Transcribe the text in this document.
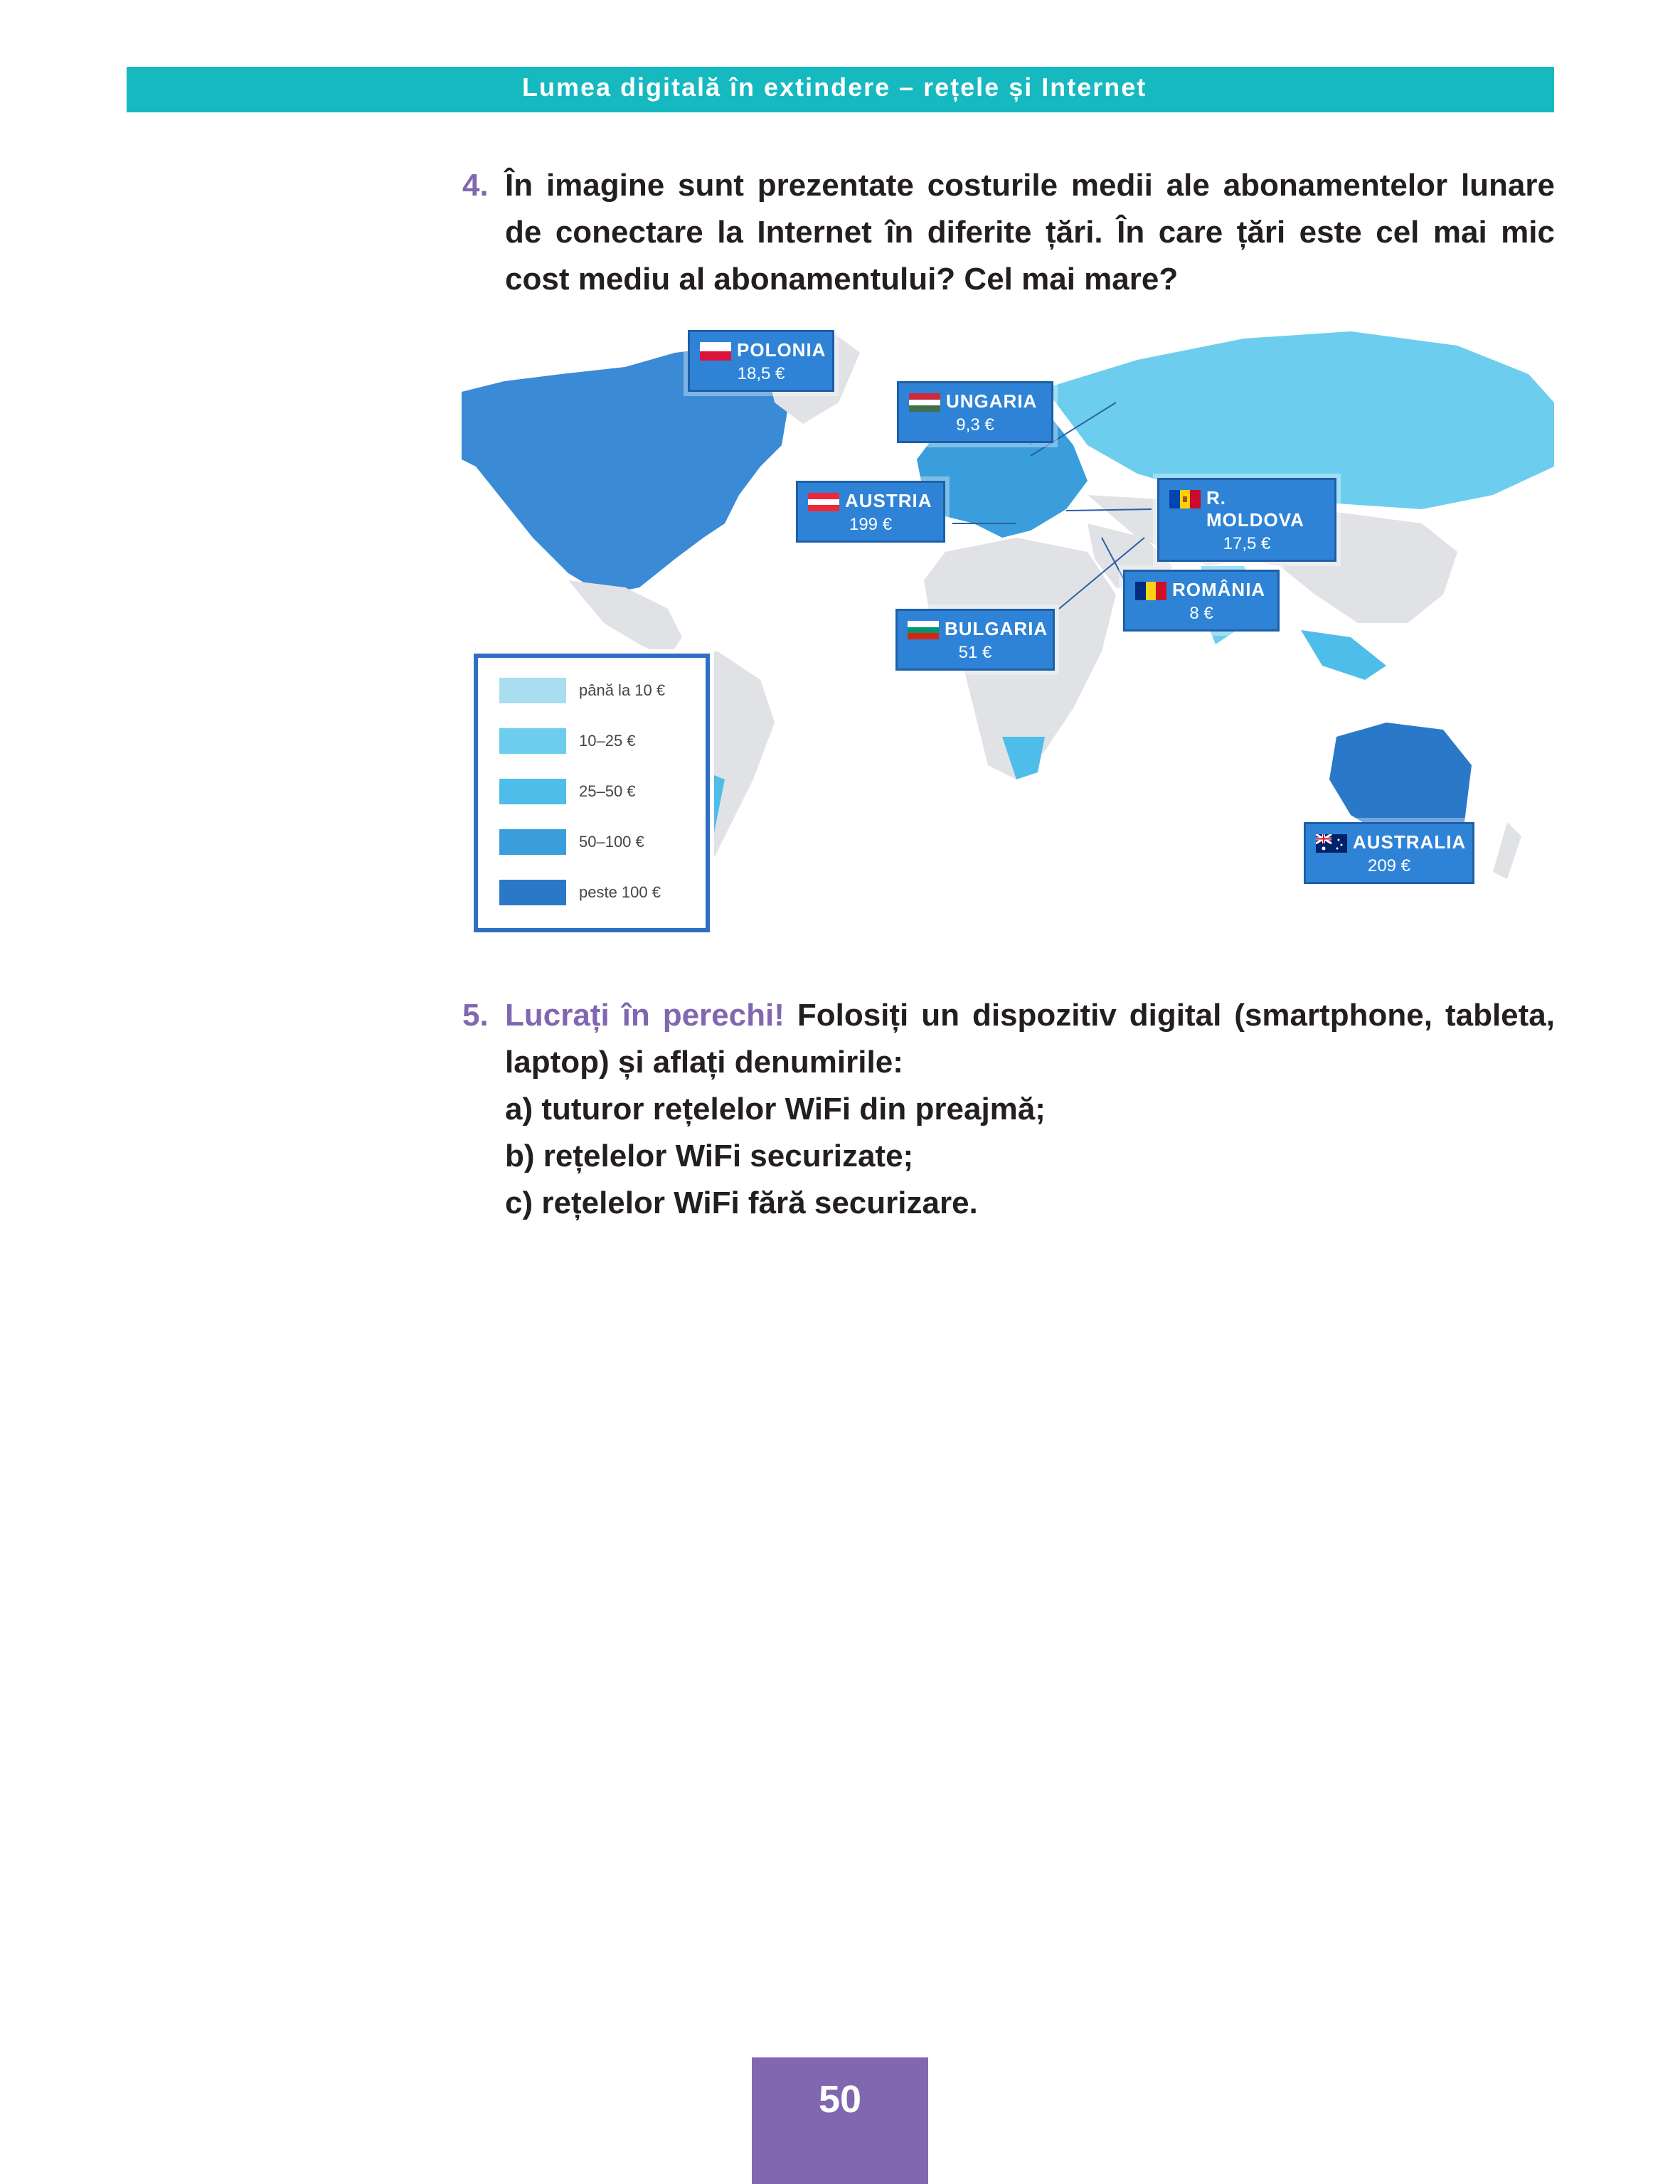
Lumea digitală în extindere – rețele și Internet
4. În imagine sunt prezentate costurile medii ale abonamentelor lunare de conectare la Internet în diferite țări. În care țări este cel mai mic cost mediu al abonamentului? Cel mai mare?
POLONIA
18,5 €
UNGARIA
9,3 €
AUSTRIA
199 €
R. MOLDOVA
17,5 €
ROMÂNIA
8 €
BULGARIA
51 €
AUSTRALIA
209 €
până la 10 €
10–25 €
25–50 €
50–100 €
peste 100 €
5. Lucrați în perechi! Folosiți un dispozitiv digital (smartphone, tableta, laptop) și aflați denumirile:
a) tuturor rețelelor WiFi din preajmă;
b) rețelelor WiFi securizate;
c) rețelelor WiFi fără securizare.
50
